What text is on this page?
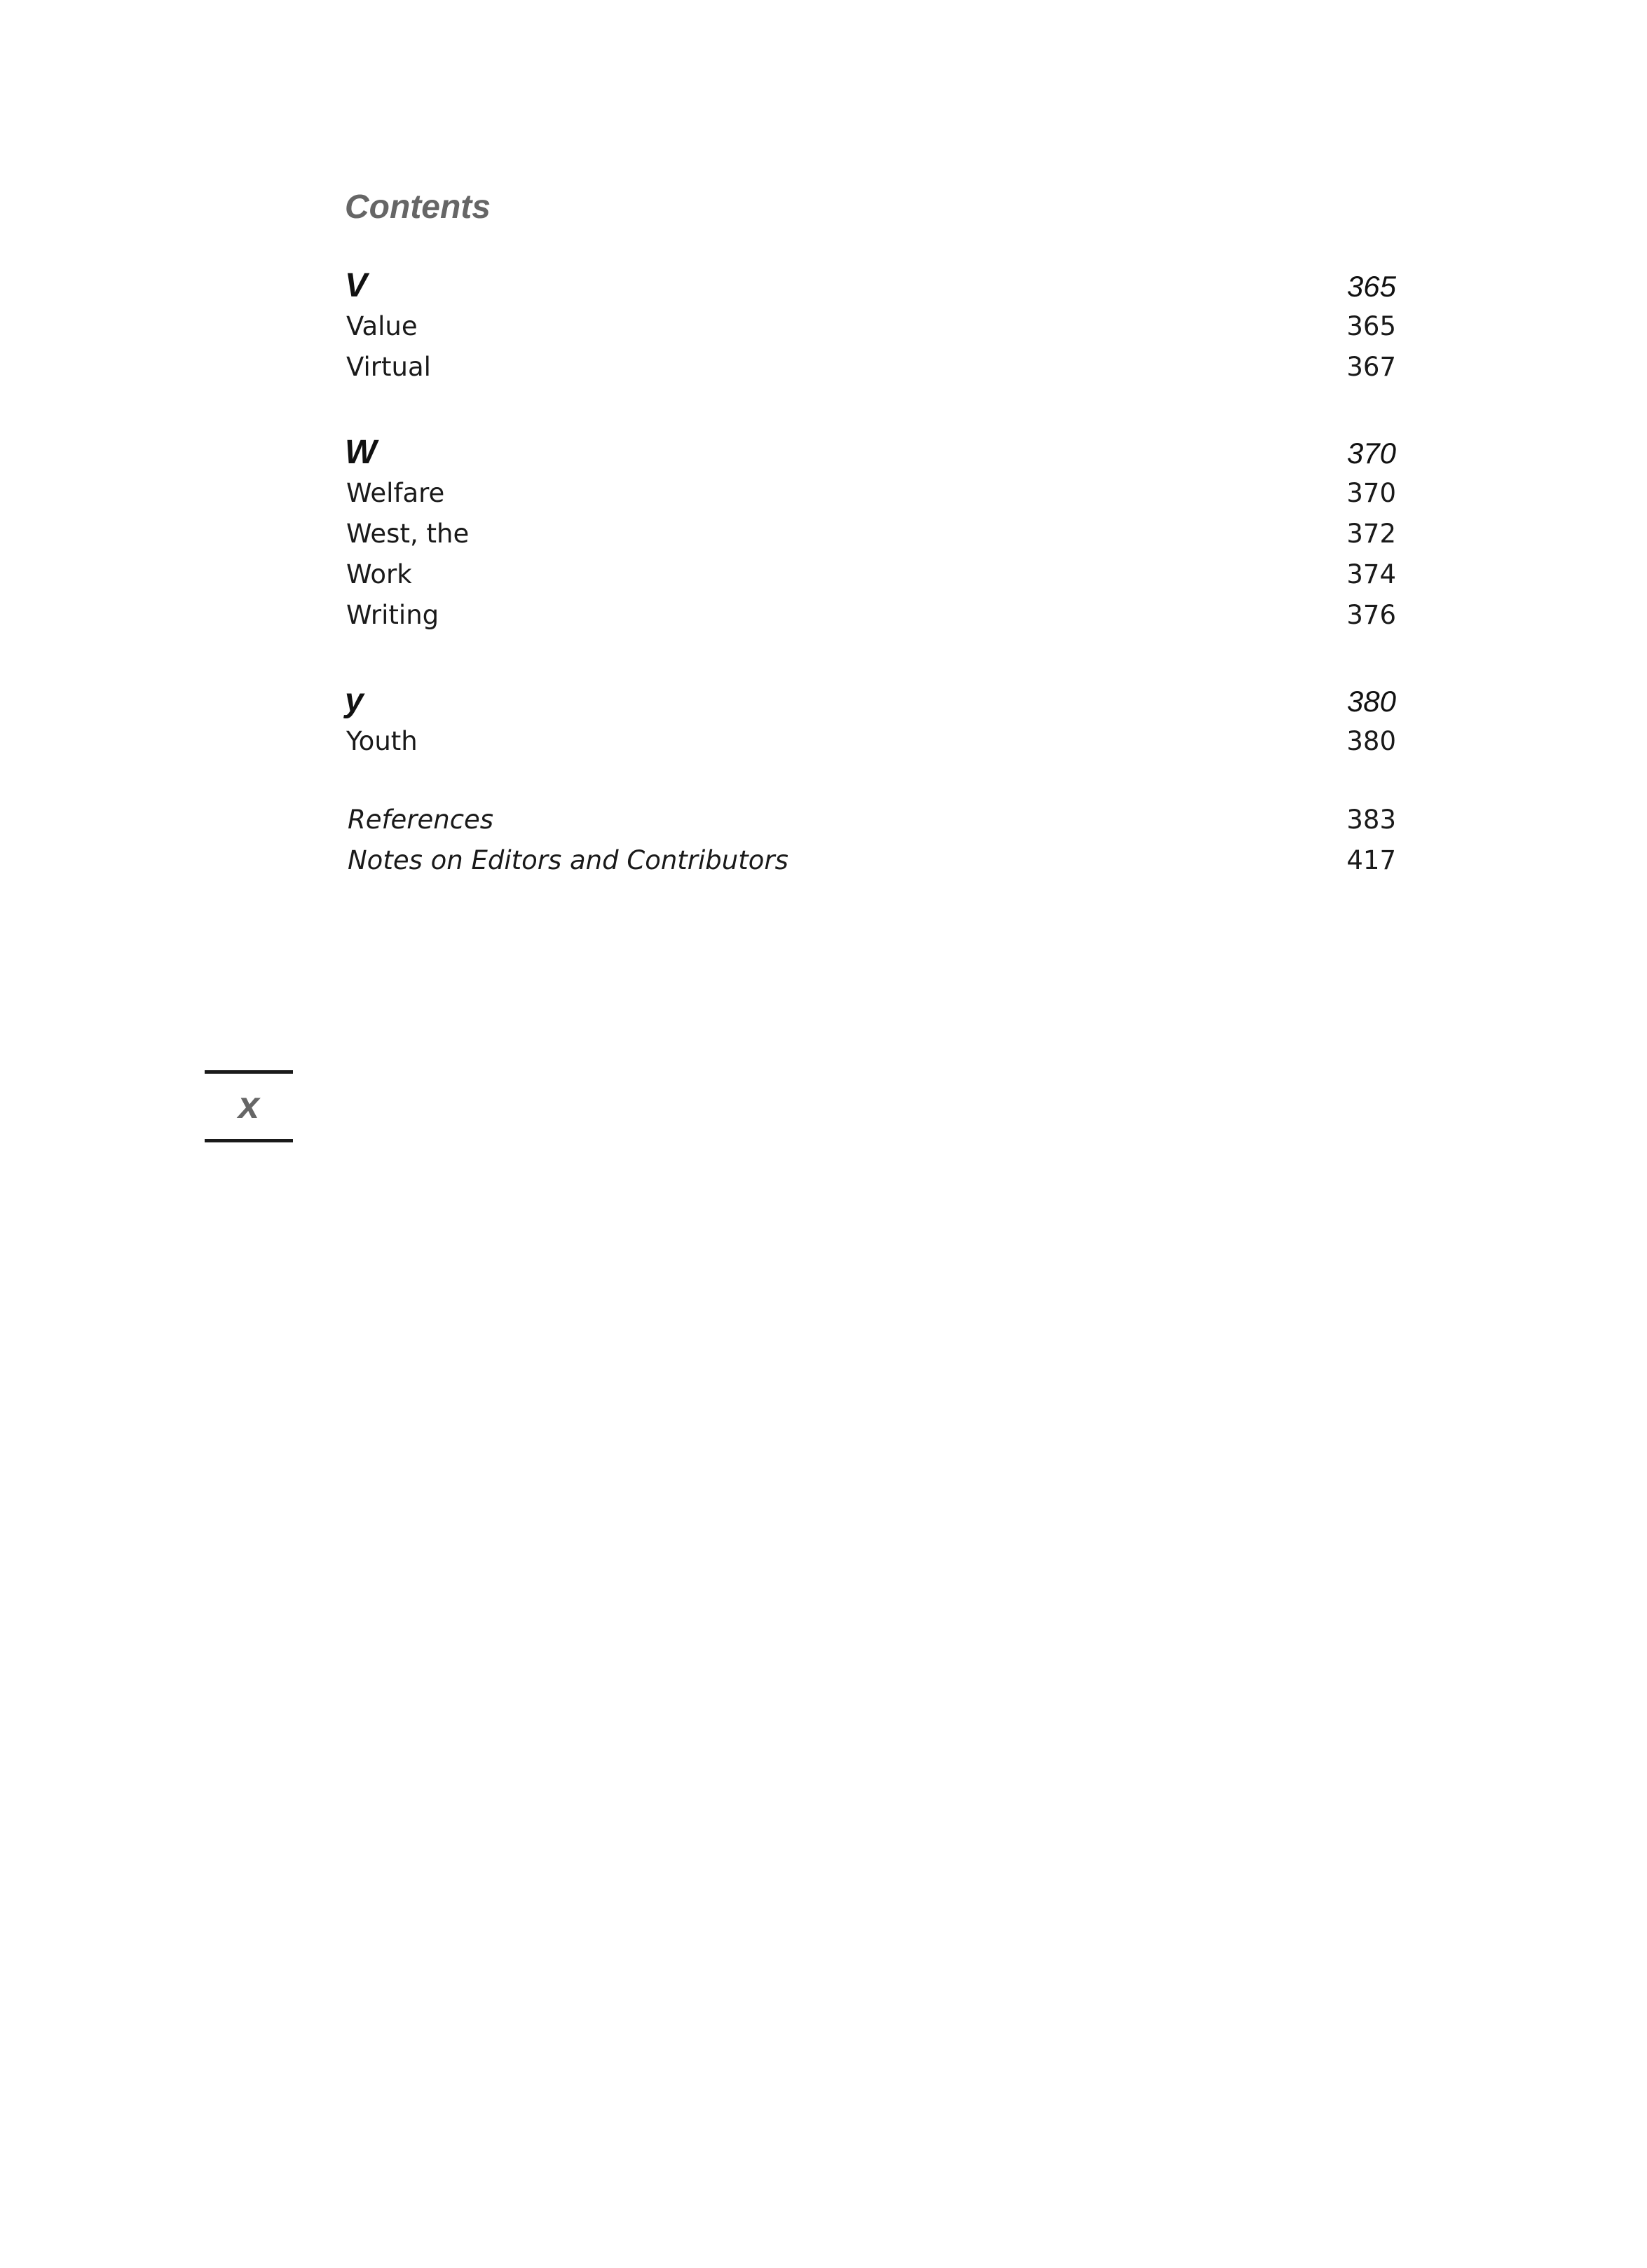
Contents
V	365
Value	365
Virtual	367
W	370
Welfare	370
West, the	372
Work	374
Writing	376
y	380
Youth	380
References	383
Notes on Editors and Contributors	417
x
